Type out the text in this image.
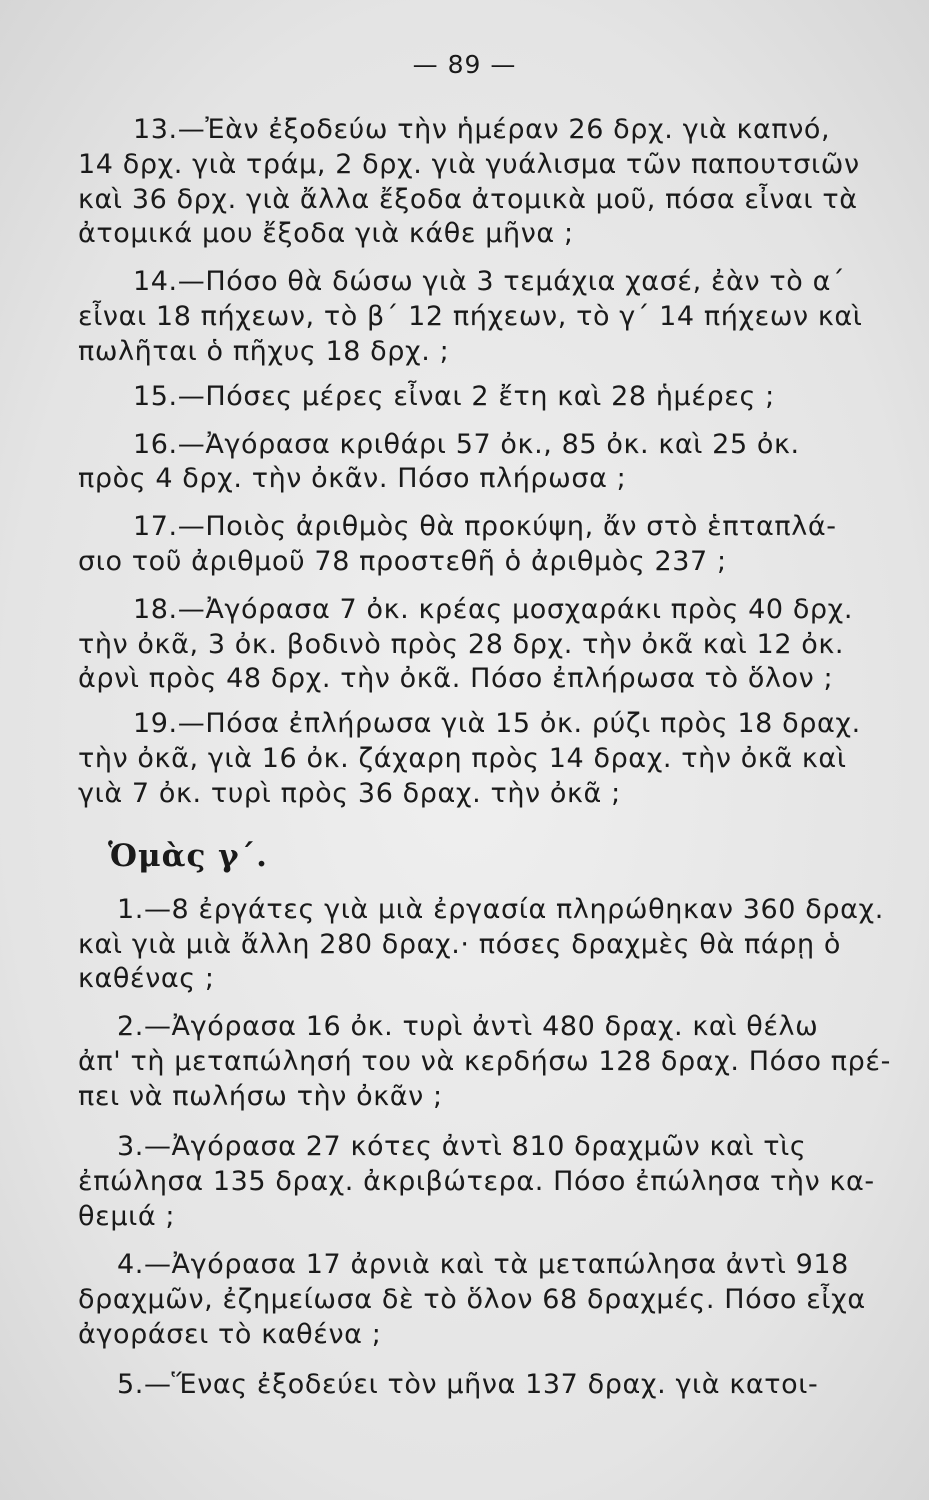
— 89 —
13.—Ἐὰν ἐξοδεύω τὴν ἡμέραν 26 δρχ. γιὰ καπνό,
14 δρχ. γιὰ τράμ, 2 δρχ. γιὰ γυάλισμα τῶν παπουτσιῶν
καὶ 36 δρχ. γιὰ ἄλλα ἔξοδα ἀτομικὰ μοῦ, πόσα εἶναι τὰ
ἀτομικά μου ἔξοδα γιὰ κάθε μῆνα ;
14.—Πόσο θὰ δώσω γιὰ 3 τεμάχια χασέ, ἐὰν τὸ α΄
εἶναι 18 πήχεων, τὸ β΄ 12 πήχεων, τὸ γ΄ 14 πήχεων καὶ
πωλῆται ὁ πῆχυς 18 δρχ. ;
15.—Πόσες μέρες εἶναι 2 ἔτη καὶ 28 ἡμέρες ;
16.—Ἀγόρασα κριθάρι 57 ὀκ., 85 ὀκ. καὶ 25 ὀκ.
πρὸς 4 δρχ. τὴν ὀκᾶν. Πόσο πλήρωσα ;
17.—Ποιὸς ἀριθμὸς θὰ προκύψη, ἄν στὸ ἑπταπλά-
σιο τοῦ ἀριθμοῦ 78 προστεθῆ ὁ ἀριθμὸς 237 ;
18.—Ἀγόρασα 7 ὀκ. κρέας μοσχαράκι πρὸς 40 δρχ.
τὴν ὀκᾶ, 3 ὀκ. βοδινὸ πρὸς 28 δρχ. τὴν ὀκᾶ καὶ 12 ὀκ.
ἀρνὶ πρὸς 48 δρχ. τὴν ὀκᾶ. Πόσο ἐπλήρωσα τὸ ὅλον ;
19.—Πόσα ἐπλήρωσα γιὰ 15 ὀκ. ρύζι πρὸς 18 δραχ.
τὴν ὀκᾶ, γιὰ 16 ὀκ. ζάχαρη πρὸς 14 δραχ. τὴν ὀκᾶ καὶ
γιὰ 7 ὀκ. τυρὶ πρὸς 36 δραχ. τὴν ὀκᾶ ;
Ὁμὰς γ΄.
1.—8 ἐργάτες γιὰ μιὰ ἐργασία πληρώθηκαν 360 δραχ.
καὶ γιὰ μιὰ ἄλλη 280 δραχ.· πόσες δραχμὲς θὰ πάρῃ ὁ
καθένας ;
2.—Ἀγόρασα 16 ὀκ. τυρὶ ἀντὶ 480 δραχ. καὶ θέλω
ἀπ' τὴ μεταπώλησή του νὰ κερδήσω 128 δραχ. Πόσο πρέ-
πει νὰ πωλήσω τὴν ὀκᾶν ;
3.—Ἀγόρασα 27 κότες ἀντὶ 810 δραχμῶν καὶ τὶς
ἐπώλησα 135 δραχ. ἀκριβώτερα. Πόσο ἐπώλησα τὴν κα-
θεμιά ;
4.—Ἀγόρασα 17 ἀρνιὰ καὶ τὰ μεταπώλησα ἀντὶ 918
δραχμῶν, ἐζημείωσα δὲ τὸ ὅλον 68 δραχμές. Πόσο εἶχα
ἀγοράσει τὸ καθένα ;
5.—Ἕνας ἐξοδεύει τὸν μῆνα 137 δραχ. γιὰ κατοι-
